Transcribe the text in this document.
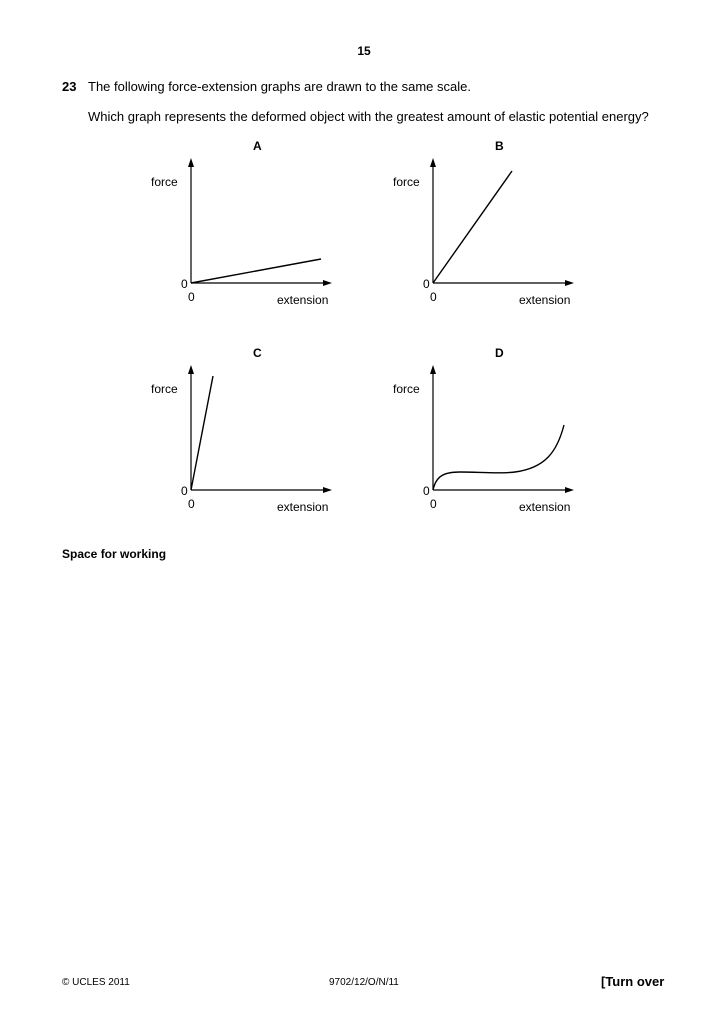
15
23 The following force-extension graphs are drawn to the same scale.
Which graph represents the deformed object with the greatest amount of elastic potential energy?
A
force
0
0	extension
B
force
0
0	extension
C
force
0
0	extension
D
force
0
0	extension
Space for working
© UCLES 2011	9702/12/O/N/11	[Turn over
